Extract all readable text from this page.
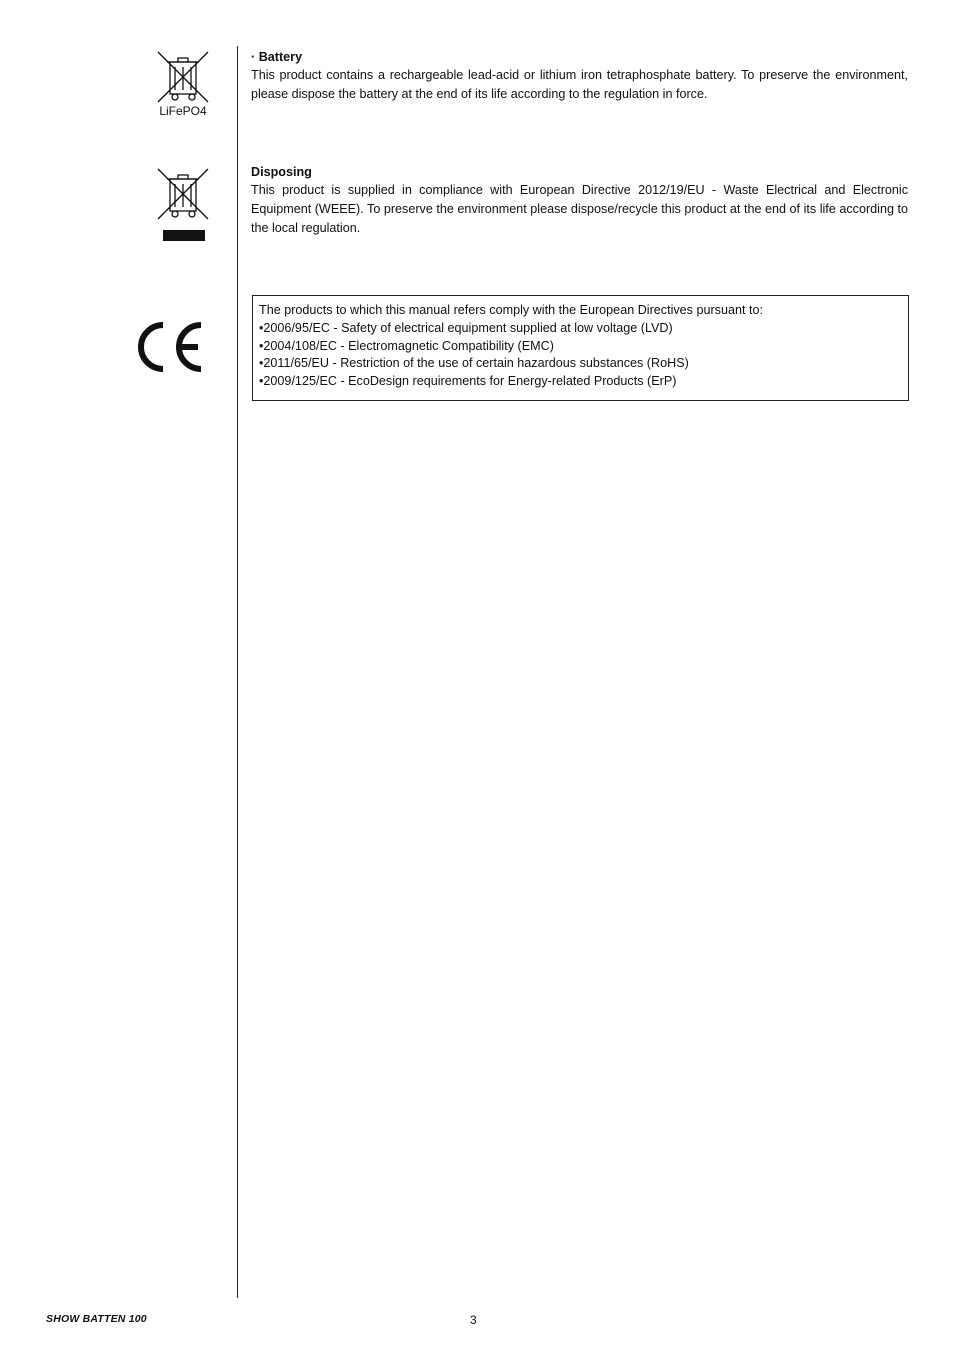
LiFePO4
· Battery

This product contains a rechargeable lead-acid or lithium iron tetraphosphate battery. To preserve the environment, please dispose the battery at the end of its life according to the regulation in force.

Disposing

This product is supplied in compliance with European Directive 2012/19/EU - Waste Electrical and Electronic Equipment (WEEE). To preserve the environment please dispose/recycle this product at the end of its life according to the local regulation.

The products to which this manual refers comply with the European Directives pursuant to:
• 2006/95/EC - Safety of electrical equipment supplied at low voltage (LVD)
• 2004/108/EC - Electromagnetic Compatibility (EMC)
• 2011/65/EU - Restriction of the use of certain hazardous substances (RoHS)
• 2009/125/EC - EcoDesign requirements for Energy-related Products (ErP)
SHOW BATTEN 100	3
